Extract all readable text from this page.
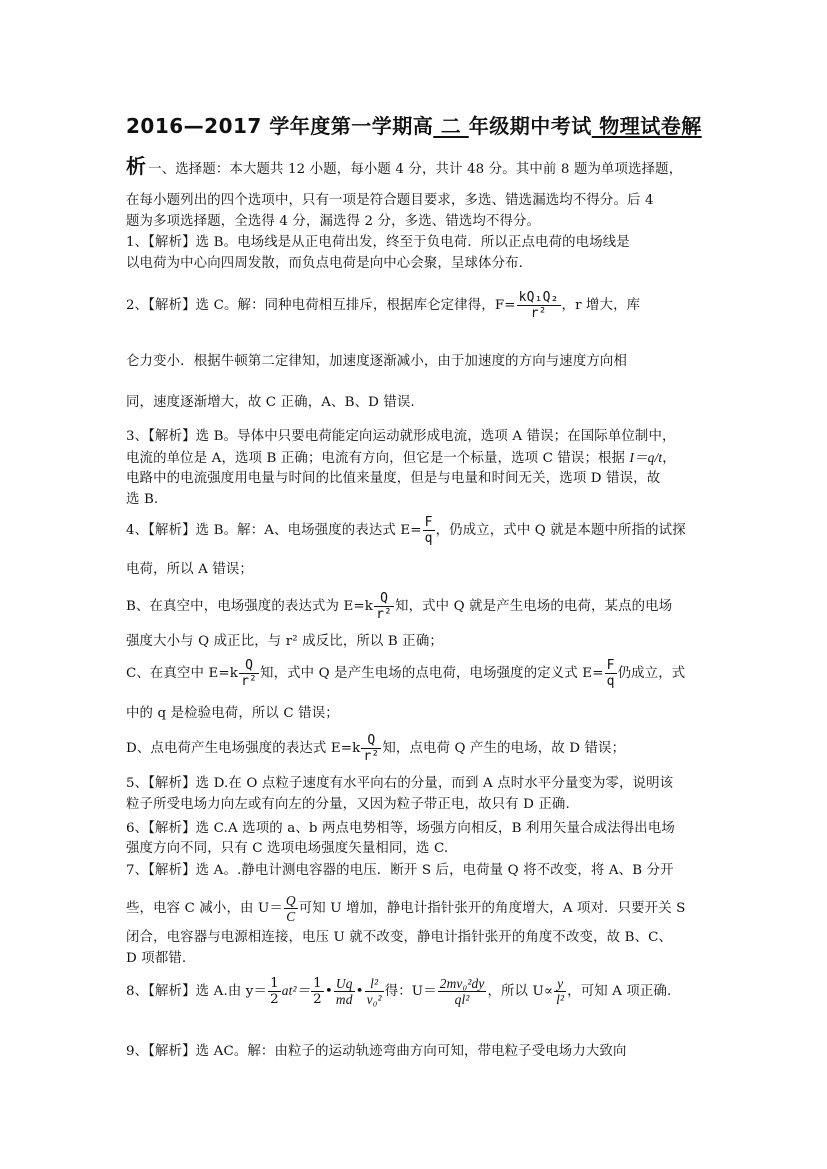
2016—2017 学年度第一学期高 二 年级期中考试 物理试卷解
析 一、选择题：本大题共 12 小题，每小题 4 分，共计 48 分。其中前 8 题为单项选择题，
在每小题列出的四个选项中，只有一项是符合题目要求，多选、错选漏选均不得分。后 4
题为多项选择题，全选得 4 分，漏选得 2 分，多选、错选均不得分。
1、【解析】选 B。电场线是从正电荷出发，终至于负电荷．所以正点电荷的电场线是
以电荷为中心向四周发散，而负点电荷是向中心会聚，呈球体分布．
2、【解析】选 C。解：同种电荷相互排斥，根据库仑定律得，$F= \frac{\text{kQ₁Q₂}}{\text{r²}}$ ，r 增大，库
仑力变小．根据牛顿第二定律知，加速度逐渐减小，由于加速度的方向与速度方向相
同，速度逐渐增大，故 C 正确，A、B、D 错误．
3、【解析】选 B。导体中只要电荷能定向运动就形成电流，选项 A 错误；在国际单位制中，
电流的单位是 A，选项 B 正确；电流有方向，但它是一个标量，选项 C 错误；根据 I＝q/t，
电路中的电流强度用电量与时间的比值来量度，但是与电量和时间无关，选项 D 错误，故
选 B.
4、【解析】选 B。解：A、电场强度的表达式 $E= \frac{F}{q}$ ，仍成立，式中 Q 就是本题中所指的试探
电荷，所以 A 错误；
B、在真空中，电场强度的表达式为 $E=k \frac{Q}{\text{r²}}$ 知，式中 Q 就是产生电场的电荷，某点的电场
强度大小与 Q 成正比，与 r² 成反比，所以 B 正确；
C、在真空中 $E=k \frac{Q}{\text{r²}}$ 知，式中 Q 是产生电场的点电荷，电场强度的定义式 $E= \frac{F}{q}$ 仍成立，式
中的 q 是检验电荷，所以 C 错误；
D、点电荷产生电场强度的表达式 $E=k \frac{Q}{\text{r²}}$ 知，点电荷 Q 产生的电场，故 D 错误；
5、【解析】选 D.在 O 点粒子速度有水平向右的分量，而到 A 点时水平分量变为零，说明该
粒子所受电场力向左或有向左的分量，又因为粒子带正电，故只有 D 正确.
6、【解析】选 C.A 选项的 a、b 两点电势相等，场强方向相反，B 利用矢量合成法得出电场
强度方向不同，只有 C 选项电场强度矢量相同，选 C.
7、【解析】选 A。.静电计测电容器的电压．断开 S 后，电荷量 Q 将不改变，将 A、B 分开
些，电容 C 减小，由 $U= \frac{Q}{C}$ 可知 U 增加，静电计指针张开的角度增大，A 项对．只要开关 S
闭合，电容器与电源相连接，电压 U 就不改变，静电计指针张开的角度不改变，故 B、C、
D 项都错.
8、【解析】选 A.由 $y= \frac{1}{2} at^2= \frac{1}{2}$ • $\frac{Uq}{md}$ • $\frac{\text{l²}}{\text{v₀²}}$ 得：$U= \frac{\text{2mv₀²dy}}{\text{ql²}}$ ，所以 $U\propto \frac{y}{\text{l²}}$ ，可知 A 项正确.
9、【解析】选 AC。解：由粒子的运动轨迹弯曲方向可知，带电粒子受电场力大致向
